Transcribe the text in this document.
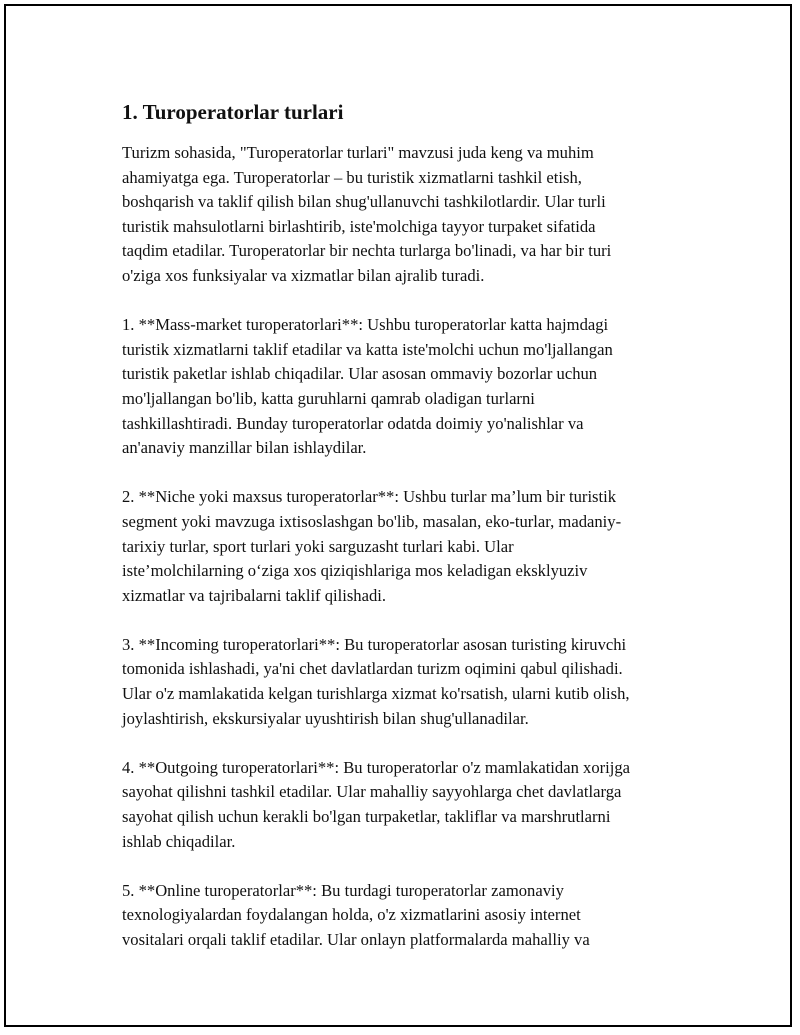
1. Turoperatorlar turlari

Turizm sohasida, "Turoperatorlar turlari" mavzusi juda keng va muhim
ahamiyatga ega. Turoperatorlar – bu turistik xizmatlarni tashkil etish,
boshqarish va taklif qilish bilan shug'ullanuvchi tashkilotlardir. Ular turli
turistik mahsulotlarni birlashtirib, iste'molchiga tayyor turpaket sifatida
taqdim etadilar. Turoperatorlar bir nechta turlarga bo'linadi, va har bir turi
o'ziga xos funksiyalar va xizmatlar bilan ajralib turadi.

1. **Mass-market turoperatorlari**: Ushbu turoperatorlar katta hajmdagi
turistik xizmatlarni taklif etadilar va katta iste'molchi uchun mo'ljallangan
turistik paketlar ishlab chiqadilar. Ular asosan ommaviy bozorlar uchun
mo'ljallangan bo'lib, katta guruhlarni qamrab oladigan turlarni
tashkillashtiradi. Bunday turoperatorlar odatda doimiy yo'nalishlar va
an'anaviy manzillar bilan ishlaydilar.

2. **Niche yoki maxsus turoperatorlar**: Ushbu turlar ma’lum bir turistik
segment yoki mavzuga ixtisoslashgan bo'lib, masalan, eko-turlar, madaniy-
tarixiy turlar, sport turlari yoki sarguzasht turlari kabi. Ular
iste’molchilarning o‘ziga xos qiziqishlariga mos keladigan eksklyuziv
xizmatlar va tajribalarni taklif qilishadi.

3. **Incoming turoperatorlari**: Bu turoperatorlar asosan turisting kiruvchi
tomonida ishlashadi, ya'ni chet davlatlardan turizm oqimini qabul qilishadi.
Ular o'z mamlakatida kelgan turishlarga xizmat ko'rsatish, ularni kutib olish,
joylashtirish, ekskursiyalar uyushtirish bilan shug'ullanadilar.

4. **Outgoing turoperatorlari**: Bu turoperatorlar o'z mamlakatidan xorijga
sayohat qilishni tashkil etadilar. Ular mahalliy sayyohlarga chet davlatlarga
sayohat qilish uchun kerakli bo'lgan turpaketlar, takliflar va marshrutlarni
ishlab chiqadilar.

5. **Online turoperatorlar**: Bu turdagi turoperatorlar zamonaviy
texnologiyalardan foydalangan holda, o'z xizmatlarini asosiy internet
vositalari orqali taklif etadilar. Ular onlayn platformalarda mahalliy va
